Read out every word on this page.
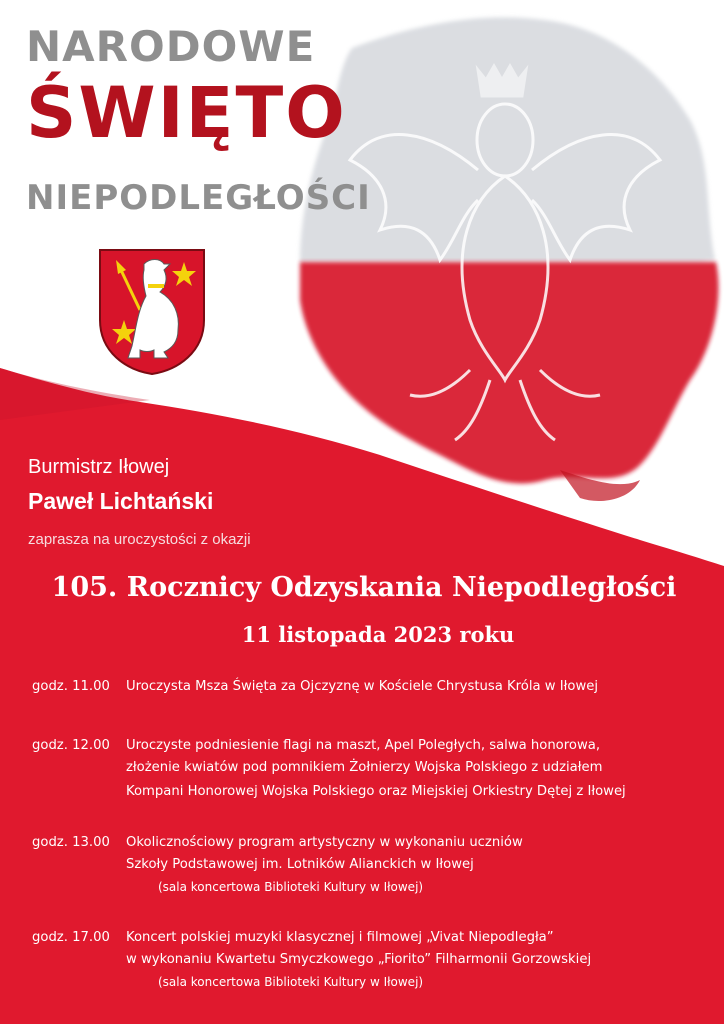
NARODOWE
ŚWIĘTO
NIEPODLEGŁOŚCI

Burmistrz Iłowej

Paweł Lichtański

zaprasza na uroczystości z okazji

105. Rocznicy Odzyskania Niepodległości
11 listopada 2023 roku
godz. 11.00	Uroczysta Msza Święta za Ojczyznę w Kościele Chrystusa Króla w Iłowej
godz. 12.00	Uroczyste podniesienie flagi na maszt, Apel Poległych, salwa honorowa,
złożenie kwiatów pod pomnikiem Żołnierzy Wojska Polskiego z udziałem
Kompani Honorowej Wojska Polskiego oraz Miejskiej Orkiestry Dętej z Iłowej
godz. 13.00	Okolicznościowy program artystyczny w wykonaniu uczniów
Szkoły Podstawowej im. Lotników Alianckich w Iłowej
(sala koncertowa Biblioteki Kultury w Iłowej)
godz. 17.00	Koncert polskiej muzyki klasycznej i filmowej „Vivat Niepodległa”
w wykonaniu Kwartetu Smyczkowego „Fiorito” Filharmonii Gorzowskiej
(sala koncertowa Biblioteki Kultury w Iłowej)
